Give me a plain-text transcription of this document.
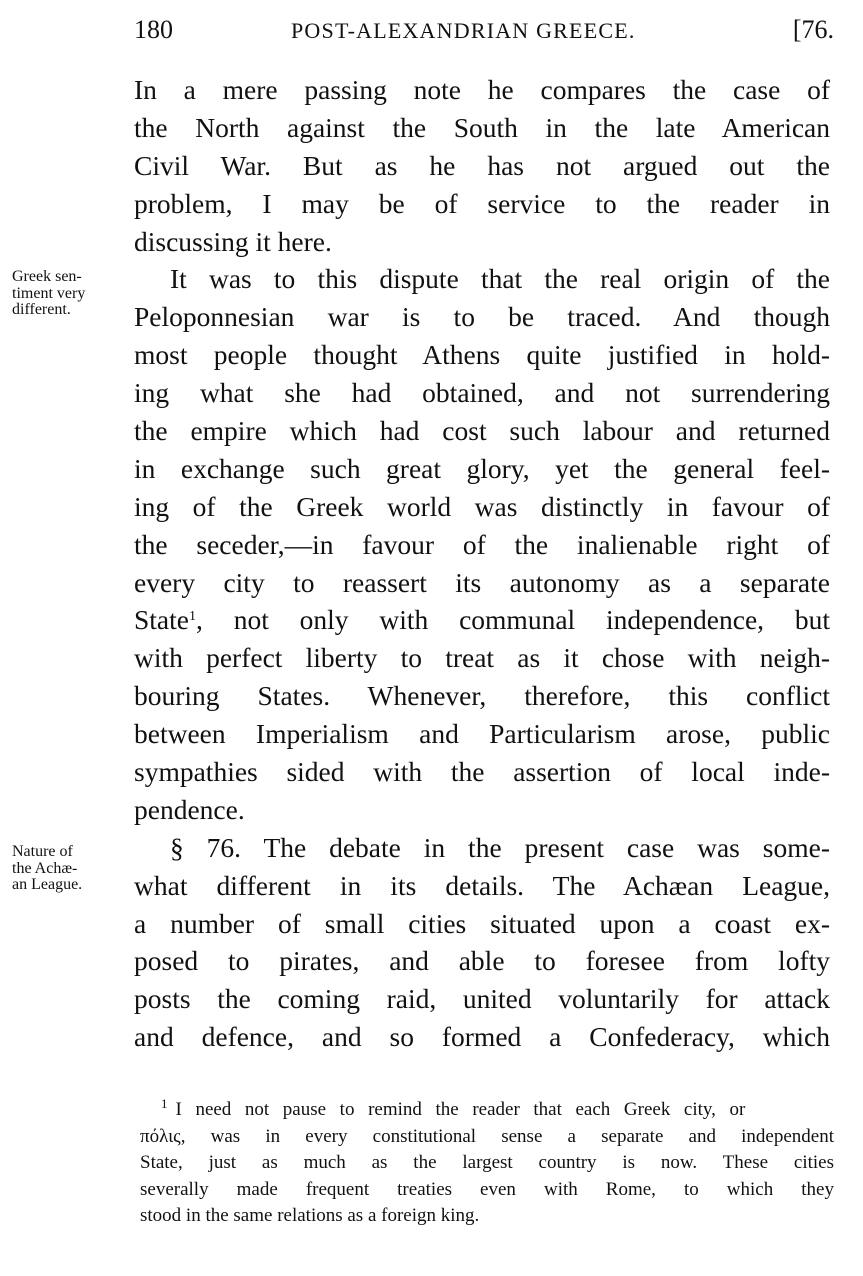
180	POST-ALEXANDRIAN GREECE.	[76.
Greek sen-
timent very
different.
Nature of
the Achæ-
an League.
In a mere passing note he compares the case of
the North against the South in the late American
Civil War. But as he has not argued out the
problem, I may be of service to the reader in
discussing it here.
It was to this dispute that the real origin of the
Peloponnesian war is to be traced. And though
most people thought Athens quite justified in hold-
ing what she had obtained, and not surrendering
the empire which had cost such labour and returned
in exchange such great glory, yet the general feel-
ing of the Greek world was distinctly in favour of
the seceder,—in favour of the inalienable right of
every city to reassert its autonomy as a separate
State$^1$, not only with communal independence, but
with perfect liberty to treat as it chose with neigh-
bouring States. Whenever, therefore, this conflict
between Imperialism and Particularism arose, public
sympathies sided with the assertion of local inde-
pendence.
§ 76. The debate in the present case was some-
what different in its details. The Achæan League,
a number of small cities situated upon a coast ex-
posed to pirates, and able to foresee from lofty
posts the coming raid, united voluntarily for attack
and defence, and so formed a Confederacy, which
$^1$ I need not pause to remind the reader that each Greek city, or
πόλις, was in every constitutional sense a separate and independent
State, just as much as the largest country is now. These cities
severally made frequent treaties even with Rome, to which they
stood in the same relations as a foreign king.
